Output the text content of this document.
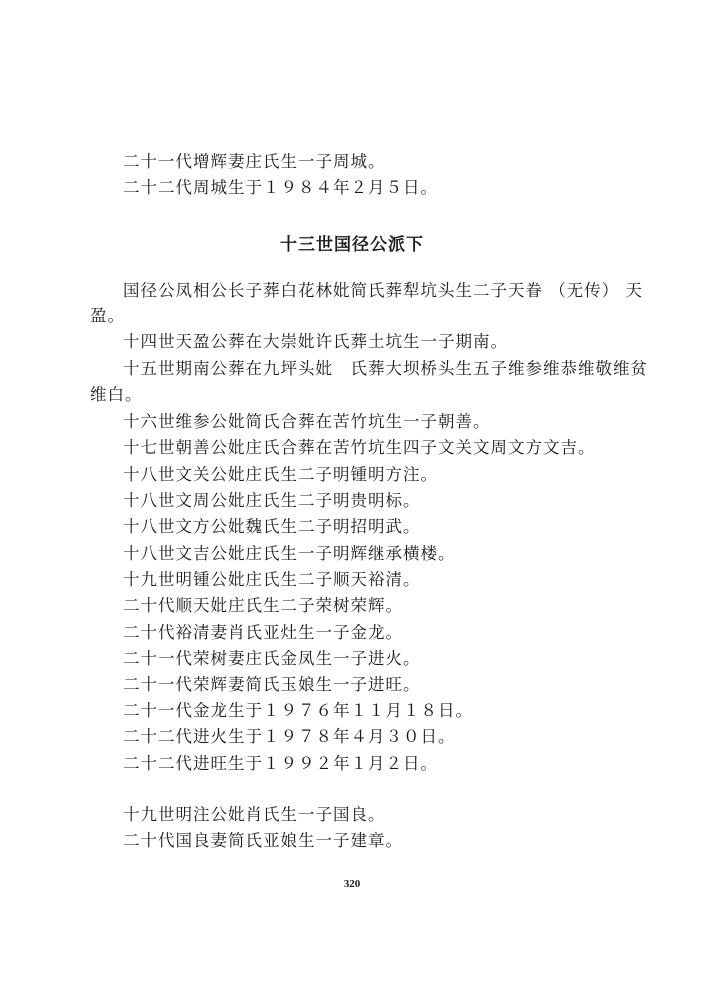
二十一代增辉妻庄氏生一子周城。
二十二代周城生于１９８４年２月５日。
十三世国径公派下
国径公凤相公长子葬白花林妣简氏葬犁坑头生二子天眷 （无传） 天
盈。
十四世天盈公葬在大崇妣许氏葬土坑生一子期南。
十五世期南公葬在九坪头妣　氏葬大坝桥头生五子维参维恭维敬维贫
维白。
十六世维参公妣简氏合葬在苦竹坑生一子朝善。
十七世朝善公妣庄氏合葬在苦竹坑生四子文关文周文方文吉。
十八世文关公妣庄氏生二子明锺明方注。
十八世文周公妣庄氏生二子明贵明标。
十八世文方公妣魏氏生二子明招明武。
十八世文吉公妣庄氏生一子明辉继承横楼。
十九世明锺公妣庄氏生二子顺天裕清。
二十代顺天妣庄氏生二子荣树荣辉。
二十代裕清妻肖氏亚灶生一子金龙。
二十一代荣树妻庄氏金凤生一子进火。
二十一代荣辉妻简氏玉娘生一子进旺。
二十一代金龙生于１９７６年１１月１８日。
二十二代进火生于１９７８年４月３０日。
二十二代进旺生于１９９２年１月２日。
十九世明注公妣肖氏生一子国良。
二十代国良妻简氏亚娘生一子建章。
320
